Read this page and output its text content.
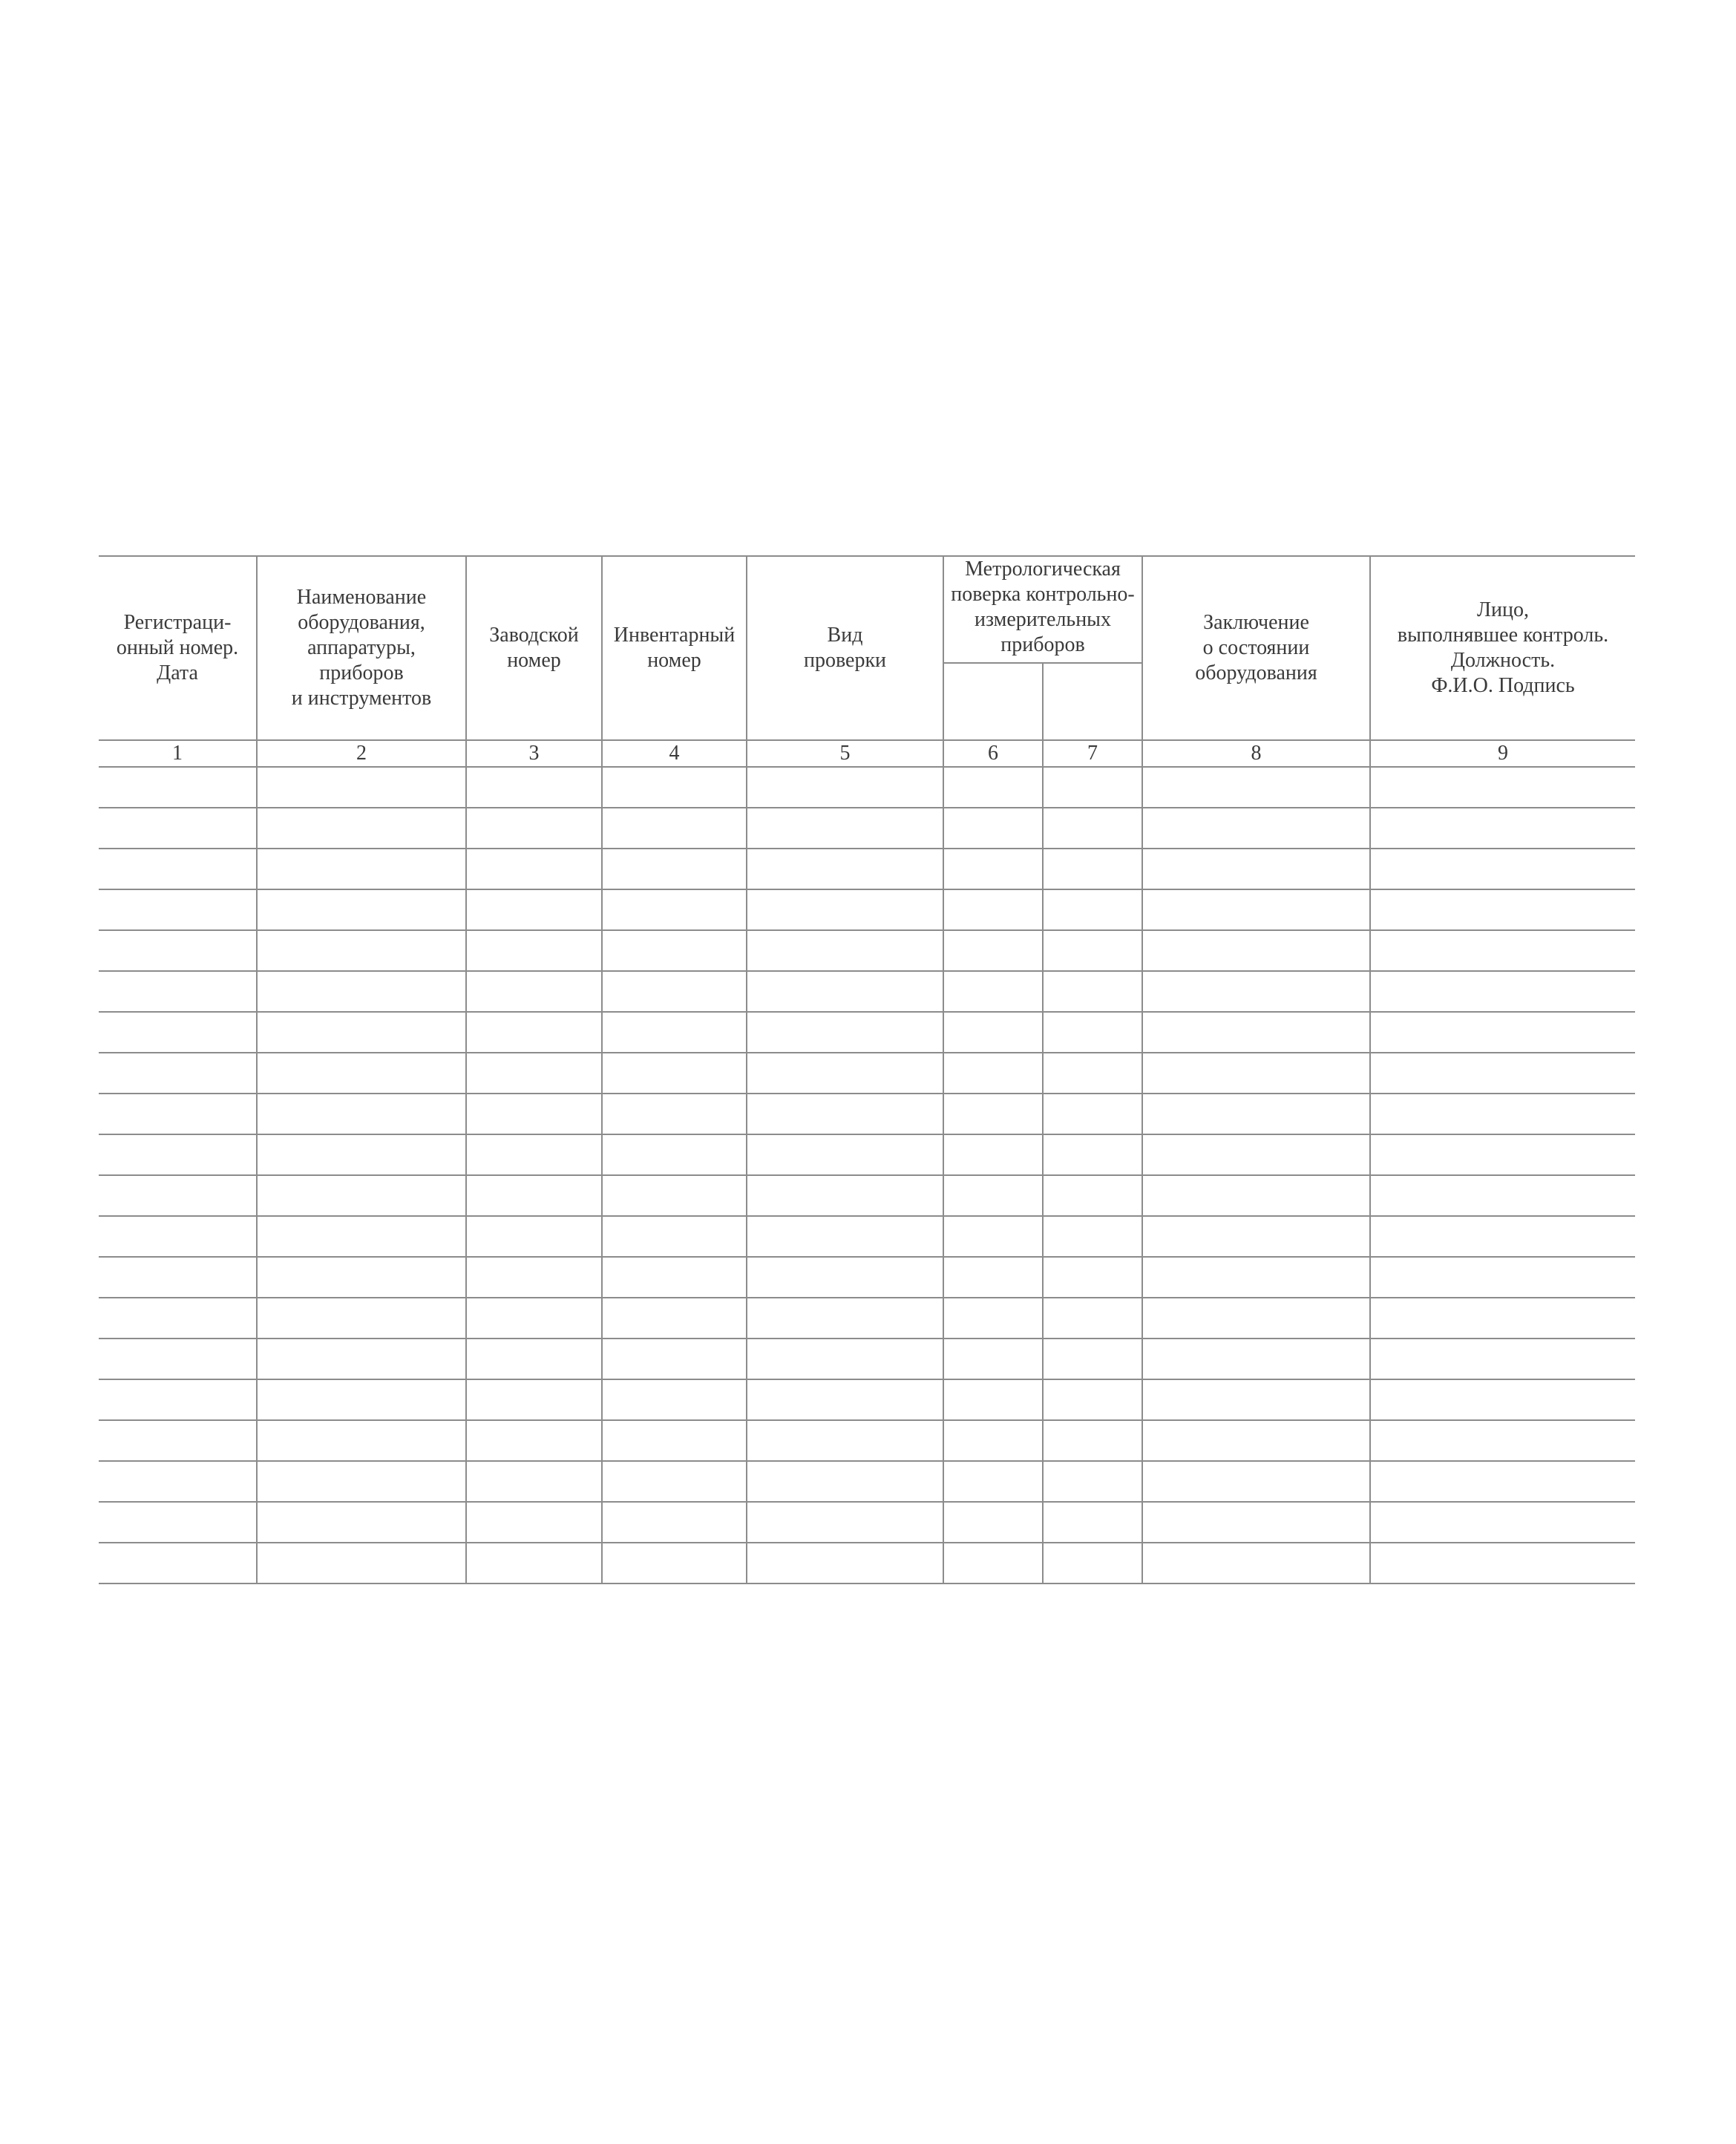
Регистраци-
онный номер.
Дата	Наименование
оборудования,
аппаратуры,
приборов
и инструментов	Заводской
номер	Инвентарный
номер	Вид
проверки	Метрологическая
поверка контрольно-
измерительных
приборов		Заключение
о состоянии
оборудования	Лицо,
выполнявшее контроль.
Должность.
Ф.И.О. Подпись

1	2	3	4	5	6	7	8	9
